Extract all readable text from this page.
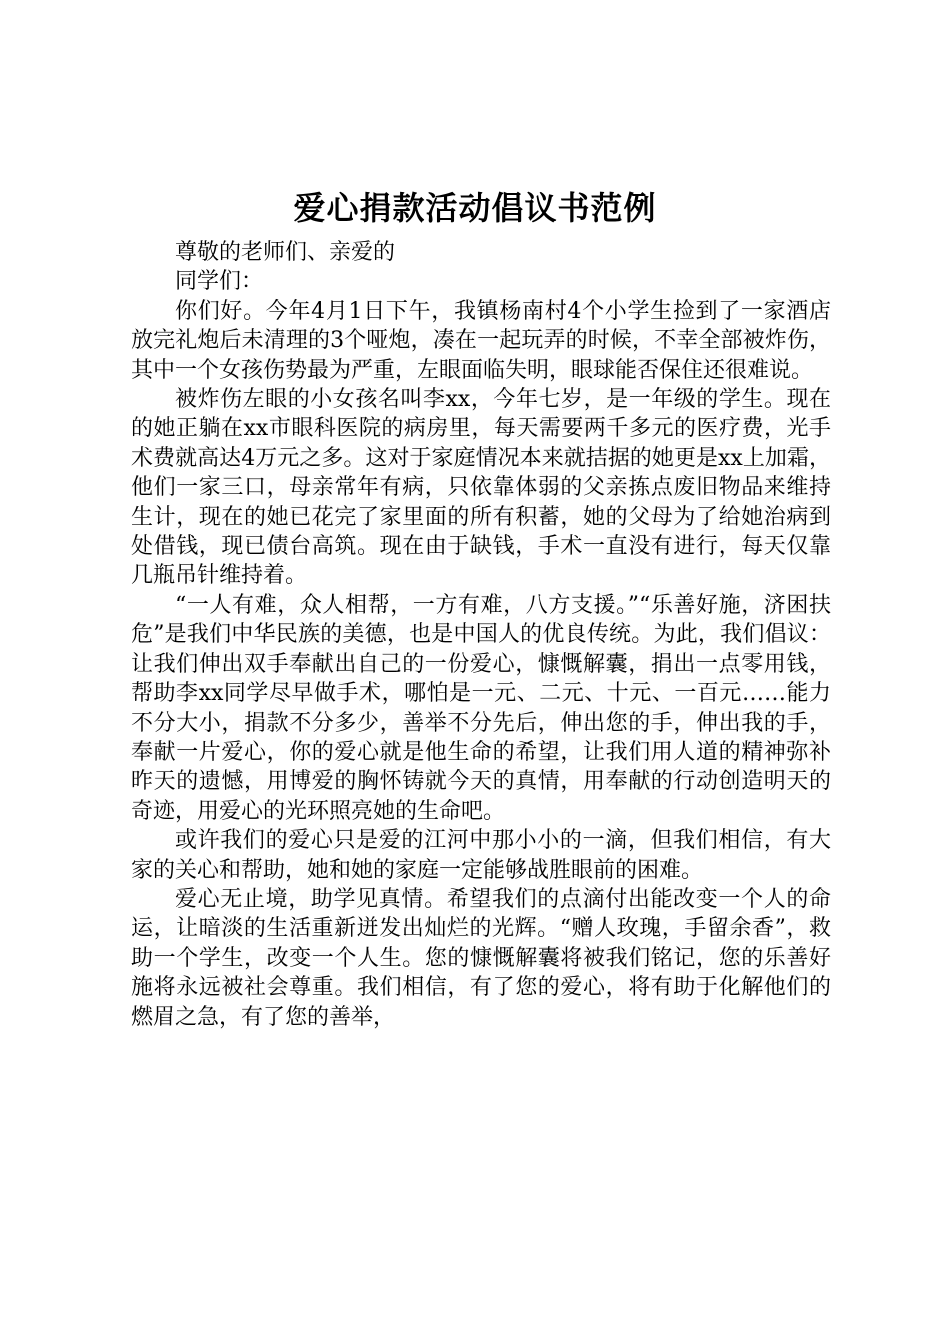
爱心捐款活动倡议书范例

尊敬的老师们、亲爱的

同学们：

你们好。今年4月1日下午，我镇杨南村4个小学生捡到了一家酒店放完礼炮后未清理的3个哑炮，凑在一起玩弄的时候，不幸全部被炸伤，其中一个女孩伤势最为严重，左眼面临失明，眼球能否保住还很难说。

被炸伤左眼的小女孩名叫李xx，今年七岁，是一年级的学生。现在的她正躺在xx市眼科医院的病房里，每天需要两千多元的医疗费，光手术费就高达4万元之多。这对于家庭情况本来就拮据的她更是xx上加霜，他们一家三口，母亲常年有病，只依靠体弱的父亲拣点废旧物品来维持生计，现在的她已花完了家里面的所有积蓄，她的父母为了给她治病到处借钱，现已债台高筑。现在由于缺钱，手术一直没有进行，每天仅靠几瓶吊针维持着。

“一人有难，众人相帮，一方有难，八方支援。”“乐善好施，济困扶危”是我们中华民族的美德，也是中国人的优良传统。为此，我们倡议：让我们伸出双手奉献出自己的一份爱心，慷慨解囊，捐出一点零用钱，帮助李xx同学尽早做手术，哪怕是一元、二元、十元、一百元……能力不分大小，捐款不分多少，善举不分先后，伸出您的手，伸出我的手，奉献一片爱心，你的爱心就是他生命的希望，让我们用人道的精神弥补昨天的遗憾，用博爱的胸怀铸就今天的真情，用奉献的行动创造明天的奇迹，用爱心的光环照亮她的生命吧。

或许我们的爱心只是爱的江河中那小小的一滴，但我们相信，有大家的关心和帮助，她和她的家庭一定能够战胜眼前的困难。

爱心无止境，助学见真情。希望我们的点滴付出能改变一个人的命运，让暗淡的生活重新迸发出灿烂的光辉。“赠人玫瑰，手留余香”，救助一个学生，改变一个人生。您的慷慨解囊将被我们铭记，您的乐善好施将永远被社会尊重。我们相信，有了您的爱心，将有助于化解他们的燃眉之急，有了您的善举，
